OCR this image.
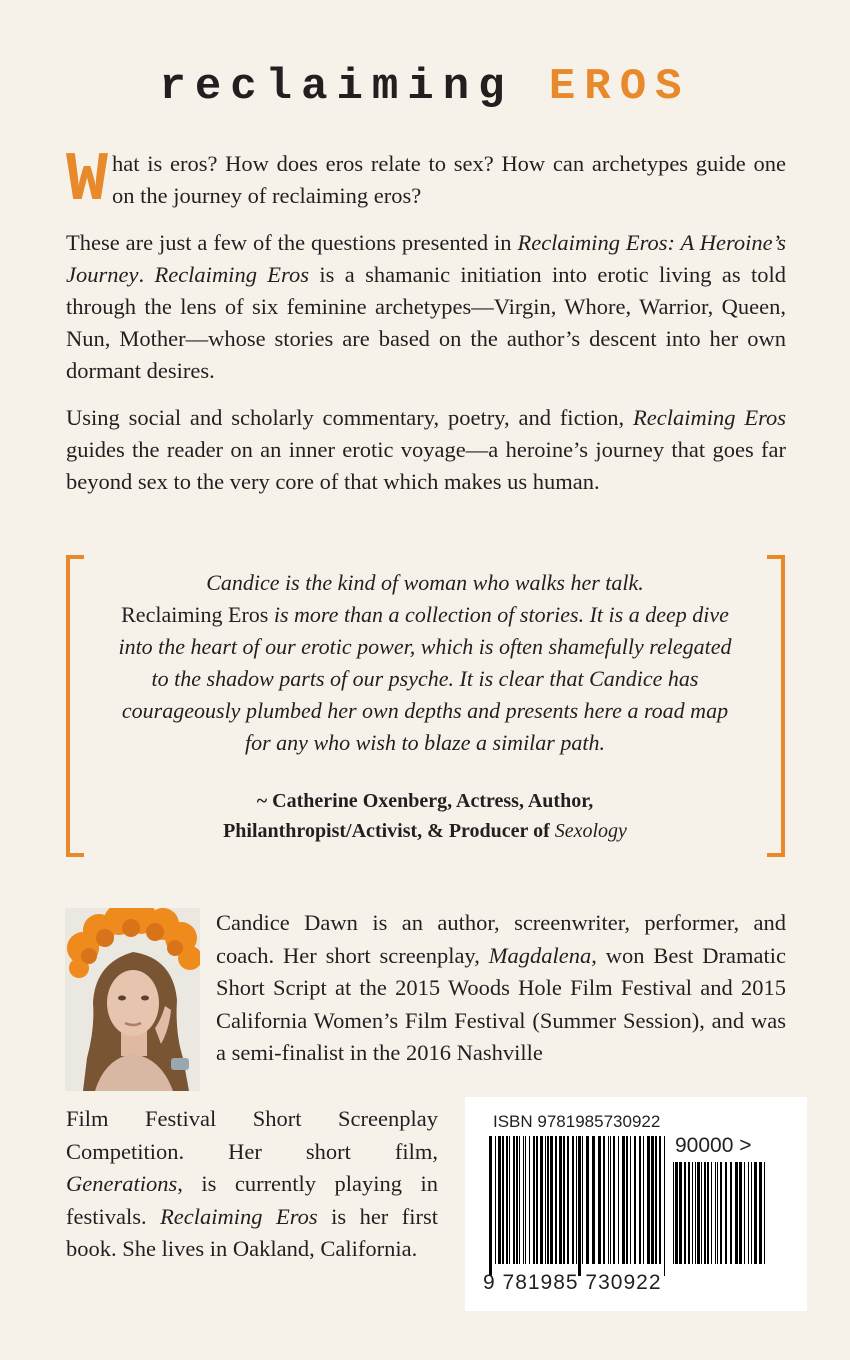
reclaiming EROS

What is eros? How does eros relate to sex? How can archetypes guide one on the journey of reclaiming eros?

These are just a few of the questions presented in Reclaiming Eros: A Heroine’s Journey. Reclaiming Eros is a shamanic initiation into erotic living as told through the lens of six feminine archetypes—Virgin, Whore, Warrior, Queen, Nun, Mother—whose stories are based on the author’s descent into her own dormant desires.

Using social and scholarly commentary, poetry, and fiction, Reclaiming Eros guides the reader on an inner erotic voyage—a heroine’s journey that goes far beyond sex to the very core of that which makes us human.

Candice is the kind of woman who walks her talk.
Reclaiming Eros is more than a collection of stories. It is a deep dive into the heart of our erotic power, which is often shamefully relegated to the shadow parts of our psyche. It is clear that Candice has courageously plumbed her own depths and presents here a road map for any who wish to blaze a similar path.
~ Catherine Oxenberg, Actress, Author,
Philanthropist/Activist, & Producer of Sexology

Candice Dawn is an author, screenwriter, performer, and coach. Her short screenplay, Magdalena, won Best Dramatic Short Script at the 2015 Woods Hole Film Festival and 2015 California Women’s Film Festival (Summer Session), and was a semi-finalist in the 2016 Nashville

Film Festival Short Screenplay Competition. Her short film, Generations, is currently playing in festivals. Reclaiming Eros is her first book. She lives in Oakland, California.

ISBN 9781985730922
9 781985 730922
90000 >
